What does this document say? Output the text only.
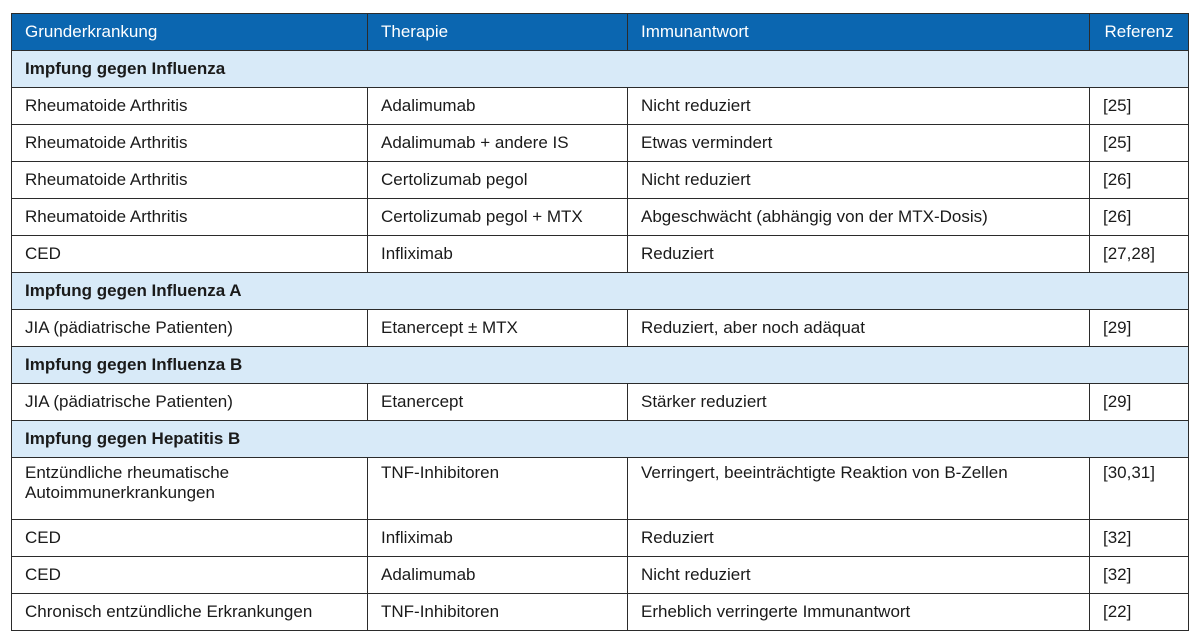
Grunderkrankung	Therapie	Immunantwort	Referenz
Impfung gegen Influenza			
Rheumatoide Arthritis	Adalimumab	Nicht reduziert	[25]
Rheumatoide Arthritis	Adalimumab + andere IS	Etwas vermindert	[25]
Rheumatoide Arthritis	Certolizumab pegol	Nicht reduziert	[26]
Rheumatoide Arthritis	Certolizumab pegol + MTX	Abgeschwächt (abhängig von der MTX-Dosis)	[26]
CED	Infliximab	Reduziert	[27,28]
Impfung gegen Influenza A			
JIA (pädiatrische Patienten)	Etanercept ± MTX	Reduziert, aber noch adäquat	[29]
Impfung gegen Influenza B			
JIA (pädiatrische Patienten)	Etanercept	Stärker reduziert	[29]
Impfung gegen Hepatitis B			
Entzündliche rheumatische Autoimmunerkrankungen	TNF-Inhibitoren	Verringert, beeinträchtigte Reaktion von B-Zellen	[30,31]
CED	Infliximab	Reduziert	[32]
CED	Adalimumab	Nicht reduziert	[32]
Chronisch entzündliche Erkrankungen	TNF-Inhibitoren	Erheblich verringerte Immunantwort	[22]
